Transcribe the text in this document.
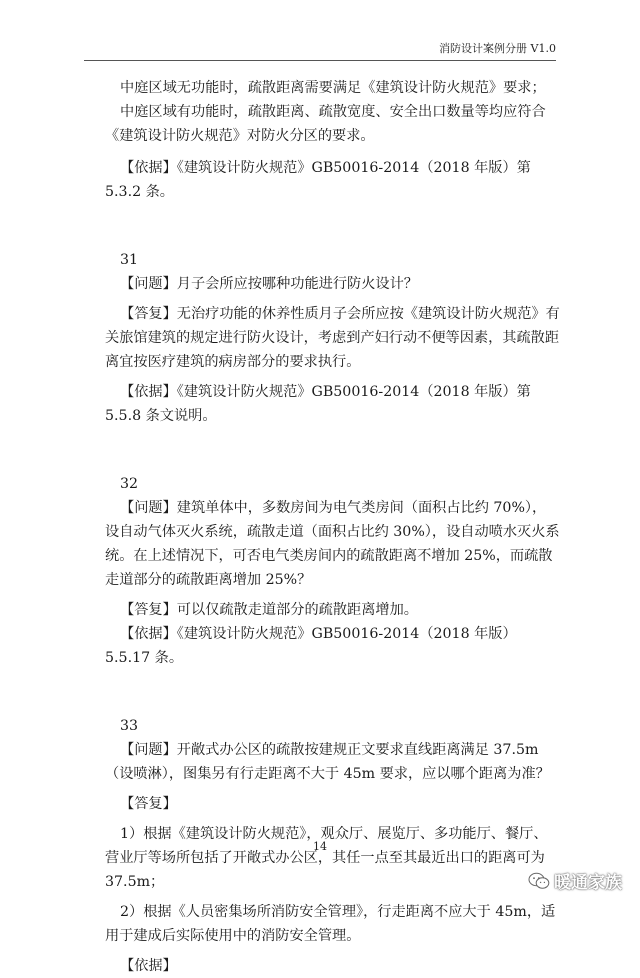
消防设计案例分册 V1.0

中庭区域无功能时，疏散距离需要满足《建筑设计防火规范》要求；

中庭区域有功能时，疏散距离、疏散宽度、安全出口数量等均应符合《建筑设计防火规范》对防火分区的要求。

【依据】《建筑设计防火规范》GB50016-2014（2018 年版）第 5.3.2 条。

31

【问题】月子会所应按哪种功能进行防火设计？

【答复】无治疗功能的休养性质月子会所应按《建筑设计防火规范》有关旅馆建筑的规定进行防火设计，考虑到产妇行动不便等因素，其疏散距离宜按医疗建筑的病房部分的要求执行。

【依据】《建筑设计防火规范》GB50016-2014（2018 年版）第 5.5.8 条文说明。

32

【问题】建筑单体中，多数房间为电气类房间（面积占比约 70%），设自动气体灭火系统，疏散走道（面积占比约 30%），设自动喷水灭火系统。在上述情况下，可否电气类房间内的疏散距离不增加 25%，而疏散走道部分的疏散距离增加 25%？

【答复】可以仅疏散走道部分的疏散距离增加。

【依据】《建筑设计防火规范》GB50016-2014（2018 年版）5.5.17 条。

33

【问题】开敞式办公区的疏散按建规正文要求直线距离满足 37.5m（设喷淋），图集另有行走距离不大于 45m 要求，应以哪个距离为准？

【答复】

1）根据《建筑设计防火规范》，观众厅、展览厅、多功能厅、餐厅、营业厅等场所包括了开敞式办公区，其任一点至其最近出口的距离可为 37.5m；

2）根据《人员密集场所消防安全管理》，行走距离不应大于 45m，适用于建成后实际使用中的消防安全管理。

【依据】

14
暖通家族
